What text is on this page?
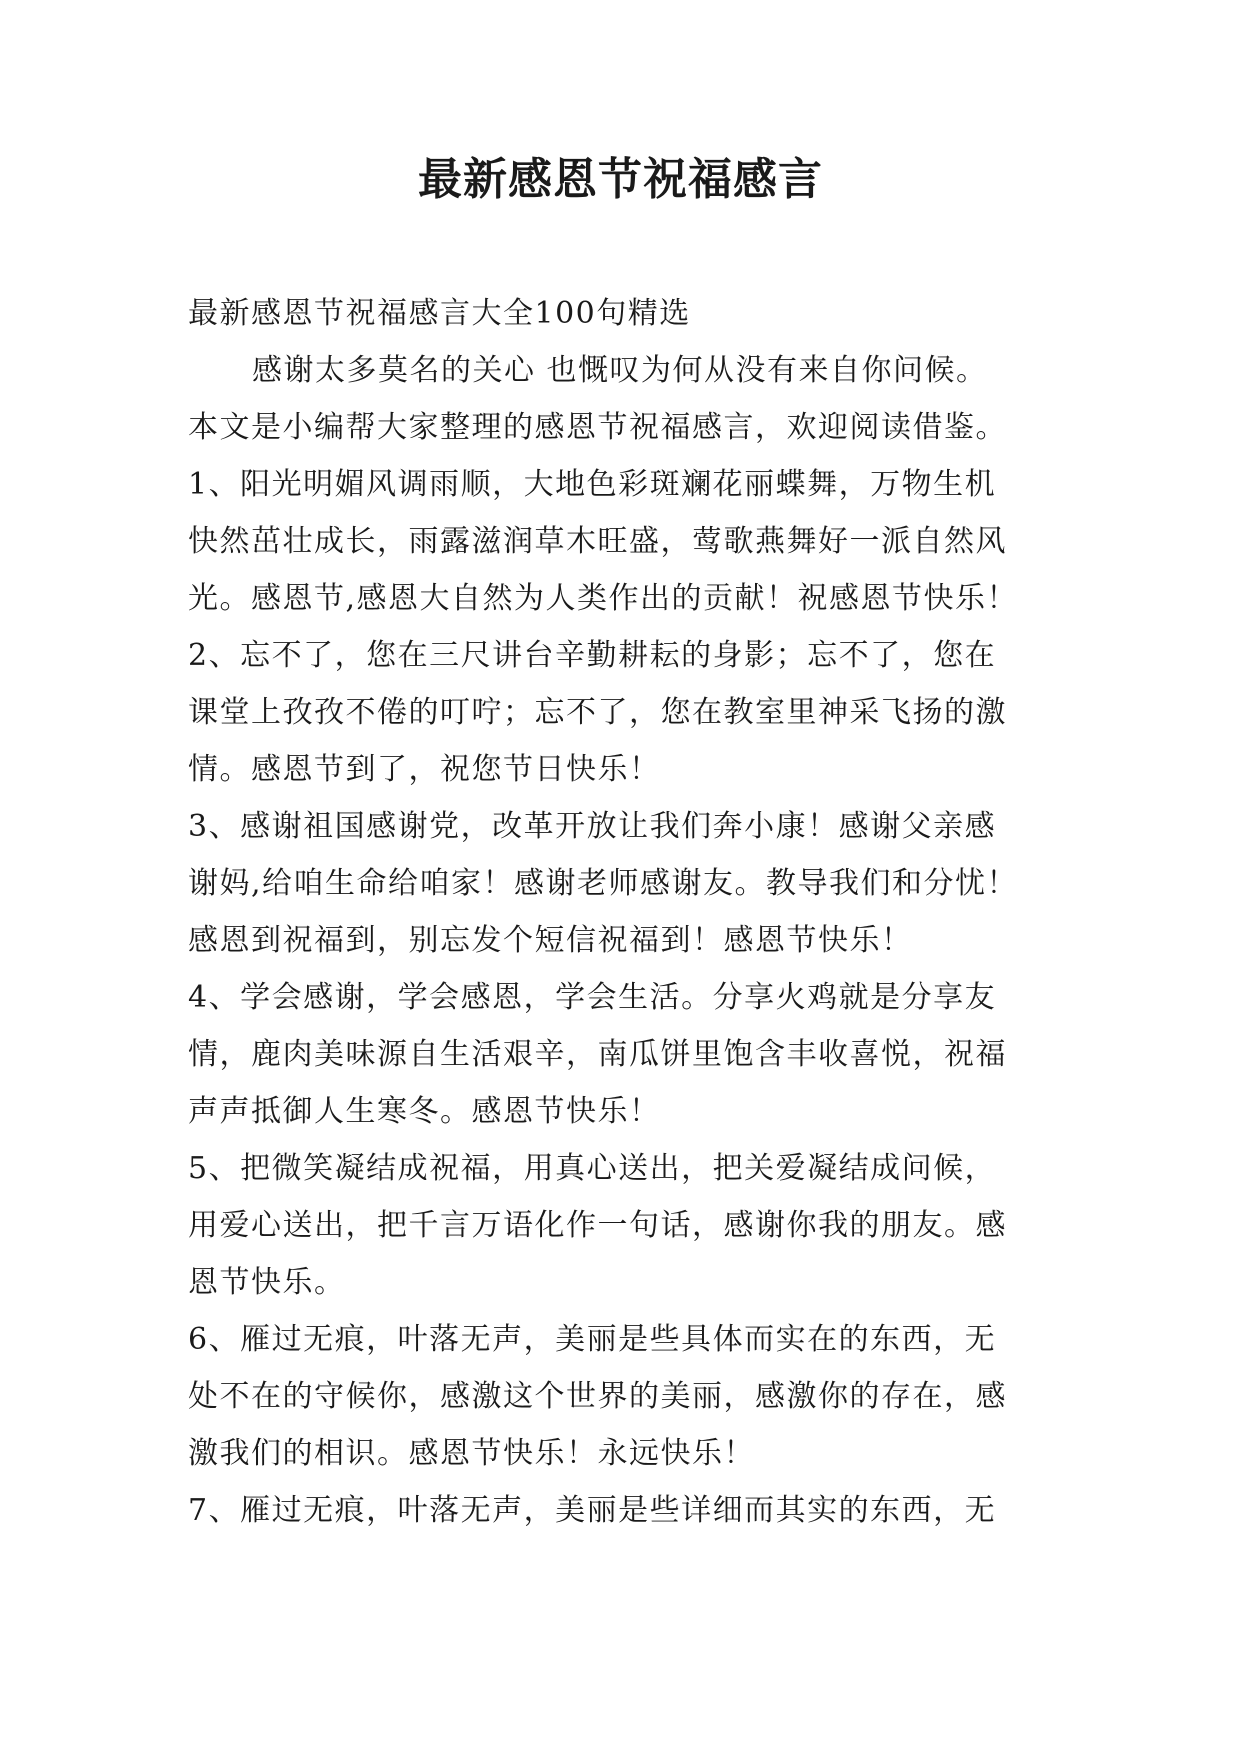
最新感恩节祝福感言
最新感恩节祝福感言大全100句精选
感谢太多莫名的关心 也慨叹为何从没有来自你问候。
本文是小编帮大家整理的感恩节祝福感言，欢迎阅读借鉴。
1、阳光明媚风调雨顺，大地色彩斑斓花丽蝶舞，万物生机
快然茁壮成长，雨露滋润草木旺盛，莺歌燕舞好一派自然风
光。感恩节,感恩大自然为人类作出的贡献！祝感恩节快乐！
2、忘不了，您在三尺讲台辛勤耕耘的身影；忘不了，您在
课堂上孜孜不倦的叮咛；忘不了，您在教室里神采飞扬的激
情。感恩节到了，祝您节日快乐！
3、感谢祖国感谢党，改革开放让我们奔小康！感谢父亲感
谢妈,给咱生命给咱家！感谢老师感谢友。教导我们和分忧！
感恩到祝福到，别忘发个短信祝福到！感恩节快乐！
4、学会感谢，学会感恩，学会生活。分享火鸡就是分享友
情，鹿肉美味源自生活艰辛，南瓜饼里饱含丰收喜悦，祝福
声声抵御人生寒冬。感恩节快乐！
5、把微笑凝结成祝福，用真心送出，把关爱凝结成问候，
用爱心送出，把千言万语化作一句话，感谢你我的朋友。感
恩节快乐。
6、雁过无痕，叶落无声，美丽是些具体而实在的东西，无
处不在的守候你，感激这个世界的美丽，感激你的存在，感
激我们的相识。感恩节快乐！永远快乐！
7、雁过无痕，叶落无声，美丽是些详细而其实的东西，无
